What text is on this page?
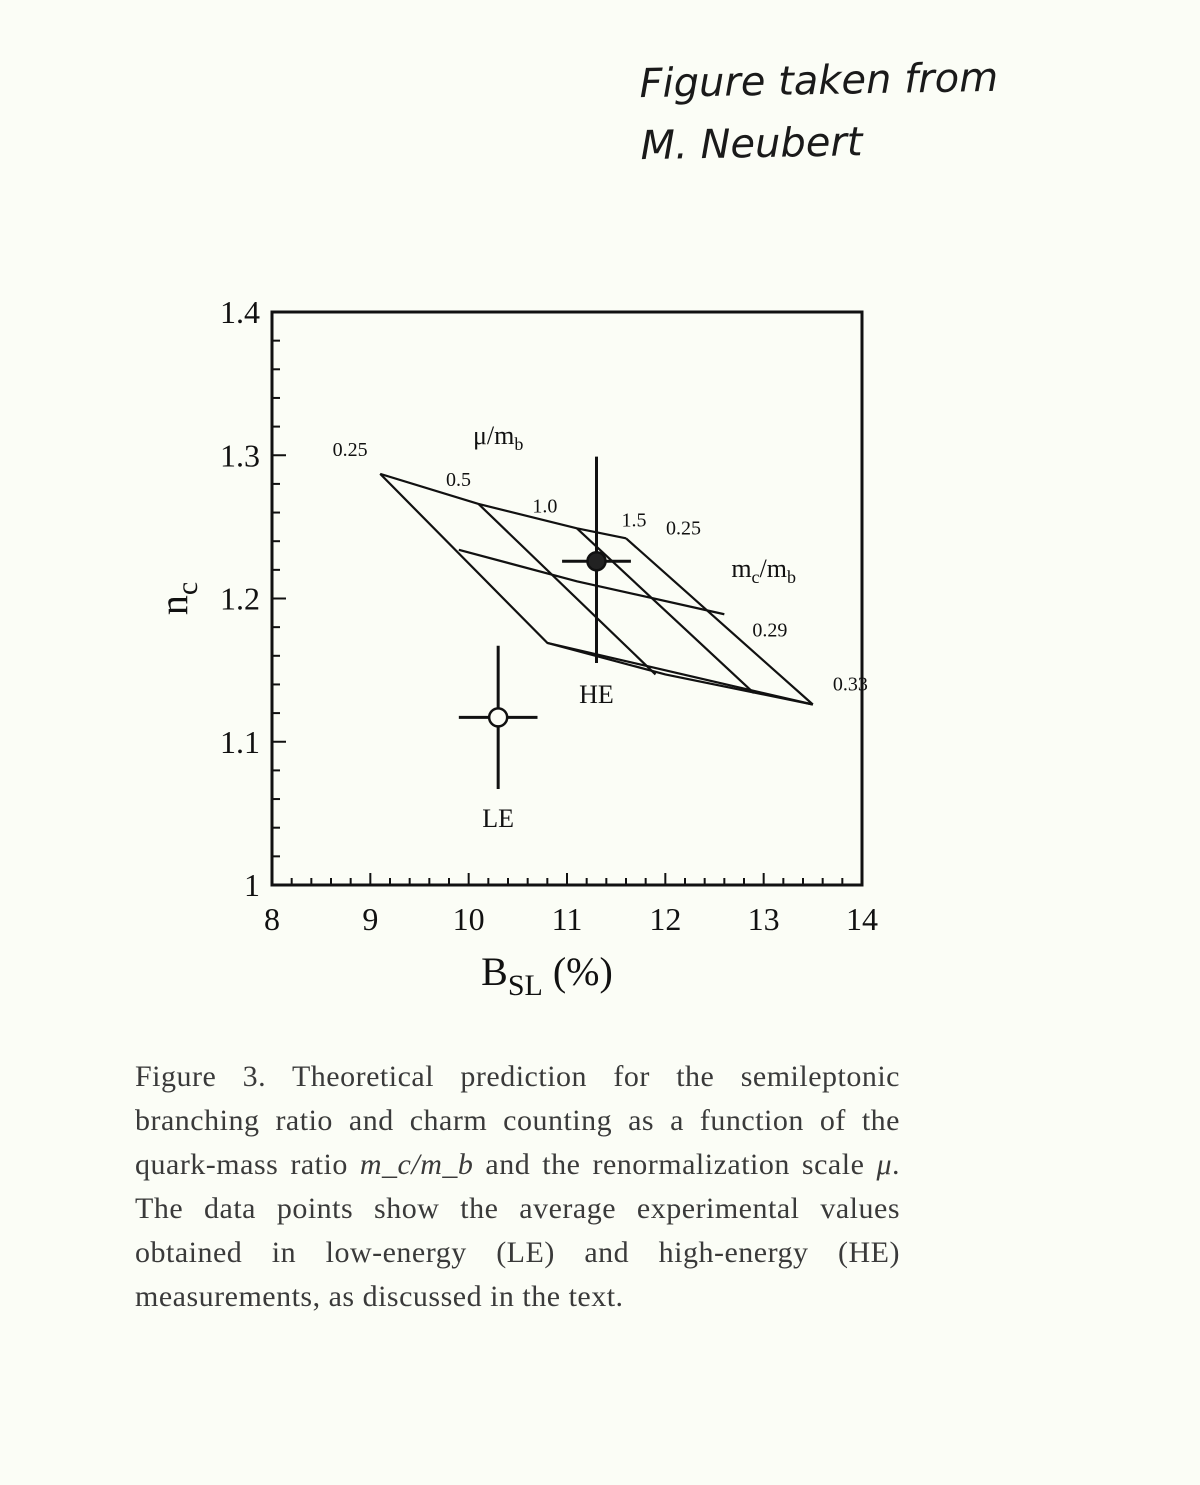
Figure taken from
M. Neubert
8	9 10 11 12 13 14
1
1.1
1.2
1.3
1.4
$B_{SL}$ (%)
$n_c$
0.25
0.5
1.0
1.5 0.25
0.29
0.33
$\mu/m_b$
$m_c/m_b$
HE
LE
Figure 3. Theoretical prediction for the semileptonic branching ratio and charm counting as a function of the quark-mass ratio m_c/m_b and the renormalization scale μ. The data points show the average experimental values obtained in low-energy (LE) and high-energy (HE) measurements, as discussed in the text.
